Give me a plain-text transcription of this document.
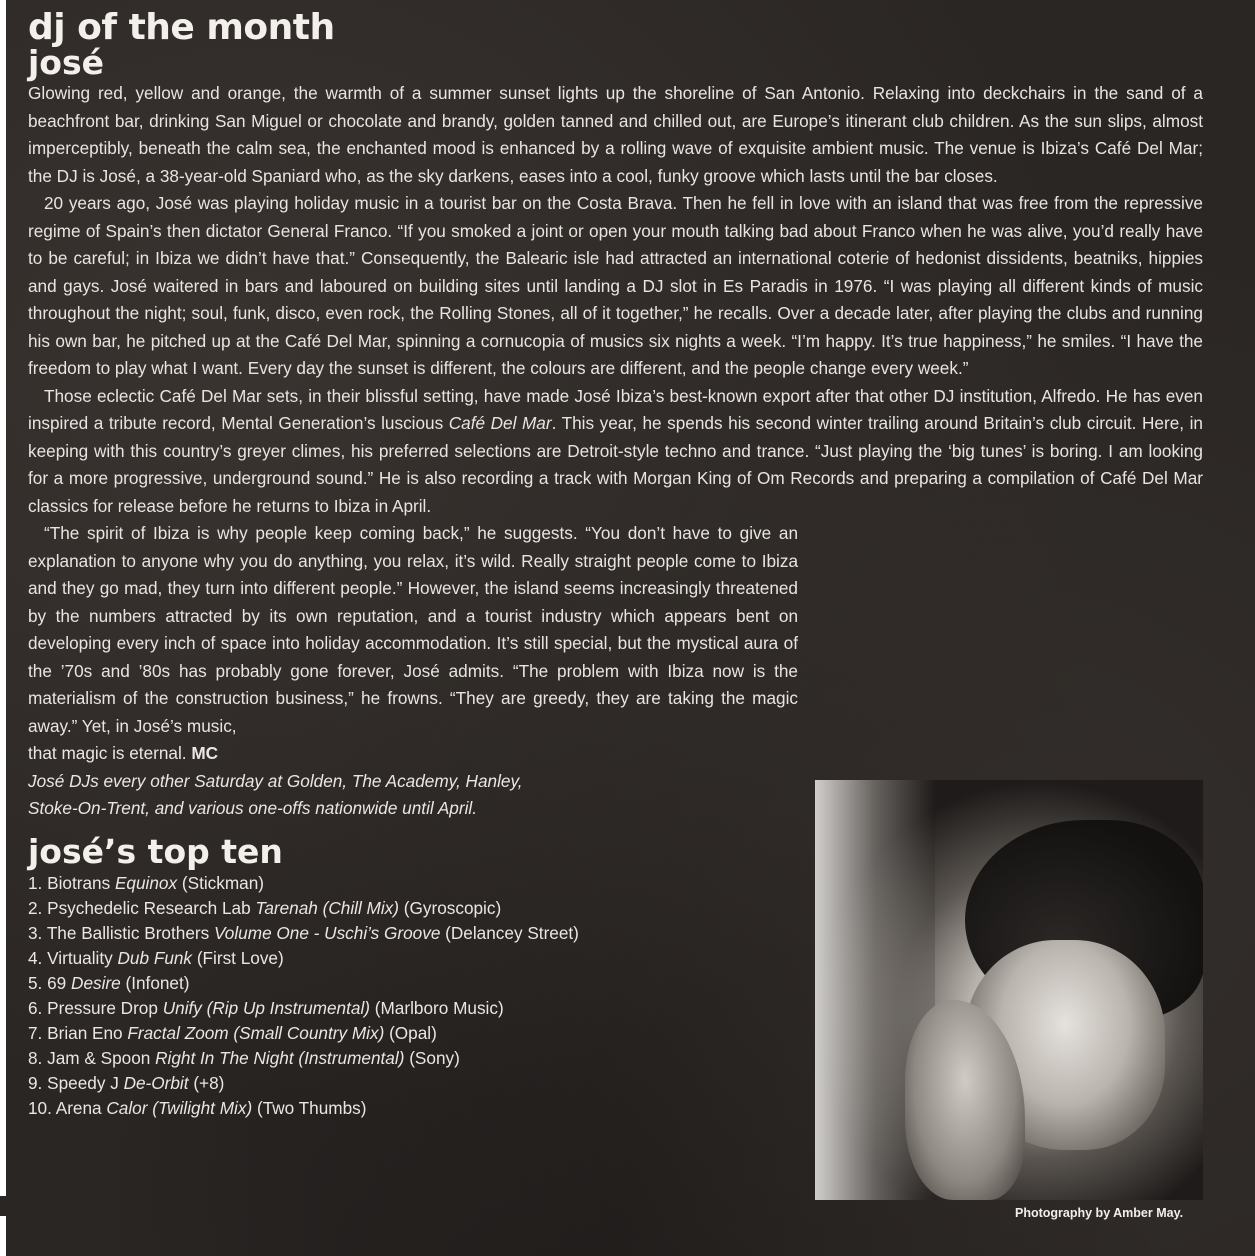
dj of the month
josé

Glowing red, yellow and orange, the warmth of a summer sunset lights up the shoreline of San Antonio. Relaxing into deckchairs in the sand of a beachfront bar, drinking San Miguel or chocolate and brandy, golden tanned and chilled out, are Europe’s itinerant club children. As the sun slips, almost imperceptibly, beneath the calm sea, the enchanted mood is enhanced by a rolling wave of exquisite ambient music. The venue is Ibiza’s Café Del Mar; the DJ is José, a 38-year-old Spaniard who, as the sky darkens, eases into a cool, funky groove which lasts until the bar closes.

20 years ago, José was playing holiday music in a tourist bar on the Costa Brava. Then he fell in love with an island that was free from the repressive regime of Spain’s then dictator General Franco. “If you smoked a joint or open your mouth talking bad about Franco when he was alive, you’d really have to be careful; in Ibiza we didn’t have that.” Consequently, the Balearic isle had attracted an international coterie of hedonist dissidents, beatniks, hippies and gays. José waitered in bars and laboured on building sites until landing a DJ slot in Es Paradis in 1976. “I was playing all different kinds of music throughout the night; soul, funk, disco, even rock, the Rolling Stones, all of it together,” he recalls. Over a decade later, after playing the clubs and running his own bar, he pitched up at the Café Del Mar, spinning a cornucopia of musics six nights a week. “I’m happy. It’s true happiness,” he smiles. “I have the freedom to play what I want. Every day the sunset is different, the colours are different, and the people change every week.”

Those eclectic Café Del Mar sets, in their blissful setting, have made José Ibiza’s best-known export after that other DJ institution, Alfredo. He has even inspired a tribute record, Mental Generation’s luscious Café Del Mar. This year, he spends his second winter trailing around Britain’s club circuit. Here, in keeping with this country’s greyer climes, his preferred selections are Detroit-style techno and trance. “Just playing the ‘big tunes’ is boring. I am looking for a more progressive, underground sound.” He is also recording a track with Morgan King of Om Records and preparing a compilation of Café Del Mar classics for release before he returns to Ibiza in April.

“The spirit of Ibiza is why people keep coming back,” he suggests. “You don’t have to give an explanation to anyone why you do anything, you relax, it’s wild. Really straight people come to Ibiza and they go mad, they turn into different people.” However, the island seems increasingly threatened by the numbers attracted by its own reputation, and a tourist industry which appears bent on developing every inch of space into holiday accommodation. It’s still special, but the mystical aura of the ’70s and ’80s has probably gone forever, José admits. “The problem with Ibiza now is the materialism of the construction business,” he frowns. “They are greedy, they are taking the magic away.” Yet, in José’s music,

that magic is eternal. MC
José DJs every other Saturday at Golden, The Academy, Hanley,
Stoke-On-Trent, and various one-offs nationwide until April.
josé’s top ten
1. Biotrans Equinox (Stickman)
2. Psychedelic Research Lab Tarenah (Chill Mix) (Gyroscopic)
3. The Ballistic Brothers Volume One - Uschi’s Groove (Delancey Street)
4. Virtuality Dub Funk (First Love)
5. 69 Desire (Infonet)
6. Pressure Drop Unify (Rip Up Instrumental) (Marlboro Music)
7. Brian Eno Fractal Zoom (Small Country Mix) (Opal)
8. Jam & Spoon Right In The Night (Instrumental) (Sony)
9. Speedy J De-Orbit (+8)
10. Arena Calor (Twilight Mix) (Two Thumbs)
Photography by Amber May.
